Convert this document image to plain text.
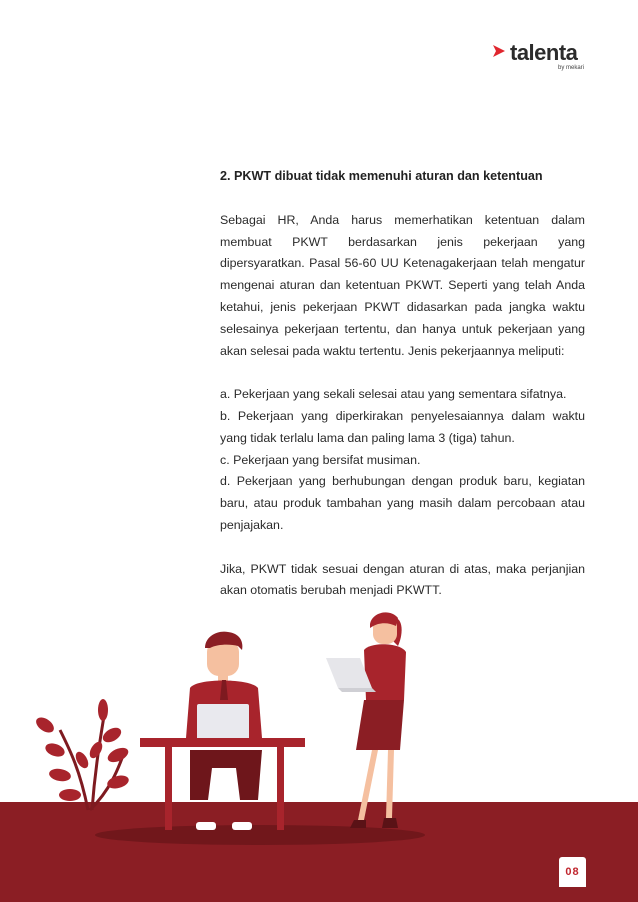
talenta
by mekari

2. PKWT dibuat tidak memenuhi aturan dan ketentuan

Sebagai HR, Anda harus memerhatikan ketentuan dalam membuat PKWT berdasarkan jenis pekerjaan yang dipersyaratkan. Pasal 56-60 UU Ketenagakerjaan telah mengatur mengenai aturan dan ketentuan PKWT. Seperti yang telah Anda ketahui, jenis pekerjaan PKWT didasarkan pada jangka waktu selesainya pekerjaan tertentu, dan hanya untuk pekerjaan yang akan selesai pada waktu tertentu. Jenis pekerjaannya meliputi:

a. Pekerjaan yang sekali selesai atau yang sementara sifatnya.

b. Pekerjaan yang diperkirakan penyelesaiannya dalam waktu yang tidak terlalu lama dan paling lama 3 (tiga) tahun.

c. Pekerjaan yang bersifat musiman.

d. Pekerjaan yang berhubungan dengan produk baru, kegiatan baru, atau produk tambahan yang masih dalam percobaan atau penjajakan.

Jika, PKWT tidak sesuai dengan aturan di atas, maka perjanjian akan otomatis berubah menjadi PKWTT.

08
